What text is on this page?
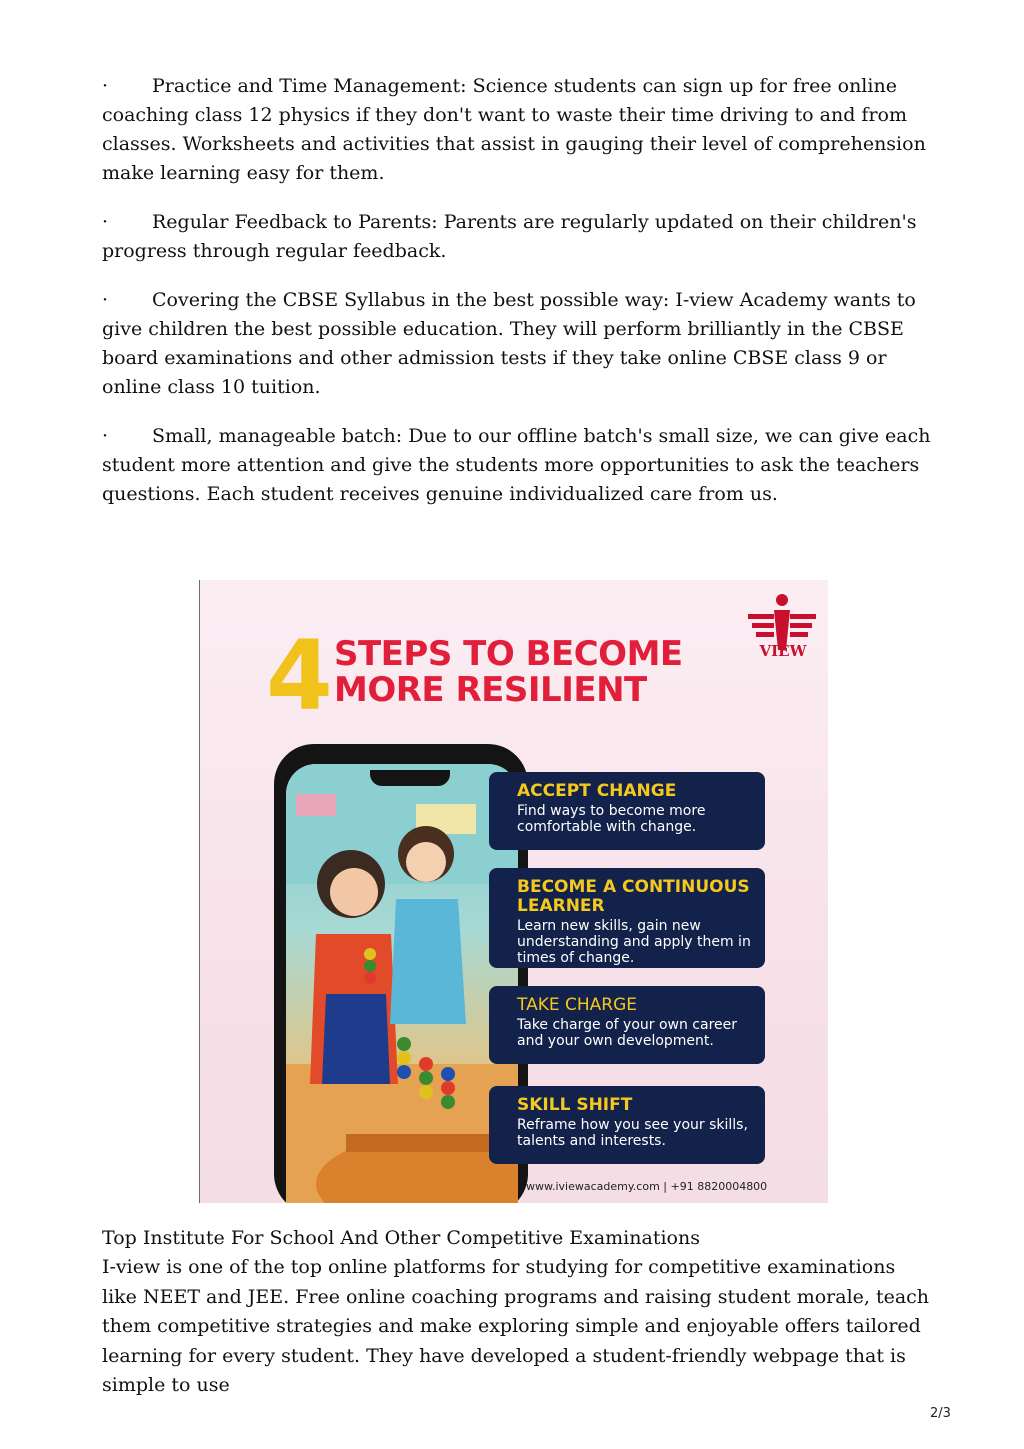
· Practice and Time Management: Science students can sign up for free online coaching class 12 physics if they don't want to waste their time driving to and from classes. Worksheets and activities that assist in gauging their level of comprehension make learning easy for them.

· Regular Feedback to Parents: Parents are regularly updated on their children's progress through regular feedback.

· Covering the CBSE Syllabus in the best possible way: I-view Academy wants to give children the best possible education. They will perform brilliantly in the CBSE board examinations and other admission tests if they take online CBSE class 9 or online class 10 tuition.

· Small, manageable batch: Due to our offline batch's small size, we can give each student more attention and give the students more opportunities to ask the teachers questions. Each student receives genuine individualized care from us.

4 STEPS TO BECOME
MORE RESILIENT
VIEW
ACCEPT CHANGE
Find ways to become more comfortable with change.
BECOME A CONTINUOUS LEARNER
Learn new skills, gain new understanding and apply them in times of change.
TAKE CHARGE
Take charge of your own career and your own development.
SKILL SHIFT
Reframe how you see your skills, talents and interests.
www.iviewacademy.com | +91 8820004800

Top Institute For School And Other Competitive Examinations

I-view is one of the top online platforms for studying for competitive examinations like NEET and JEE. Free online coaching programs and raising student morale, teach them competitive strategies and make exploring simple and enjoyable offers tailored learning for every student. They have developed a student-friendly webpage that is simple to use

2/3
